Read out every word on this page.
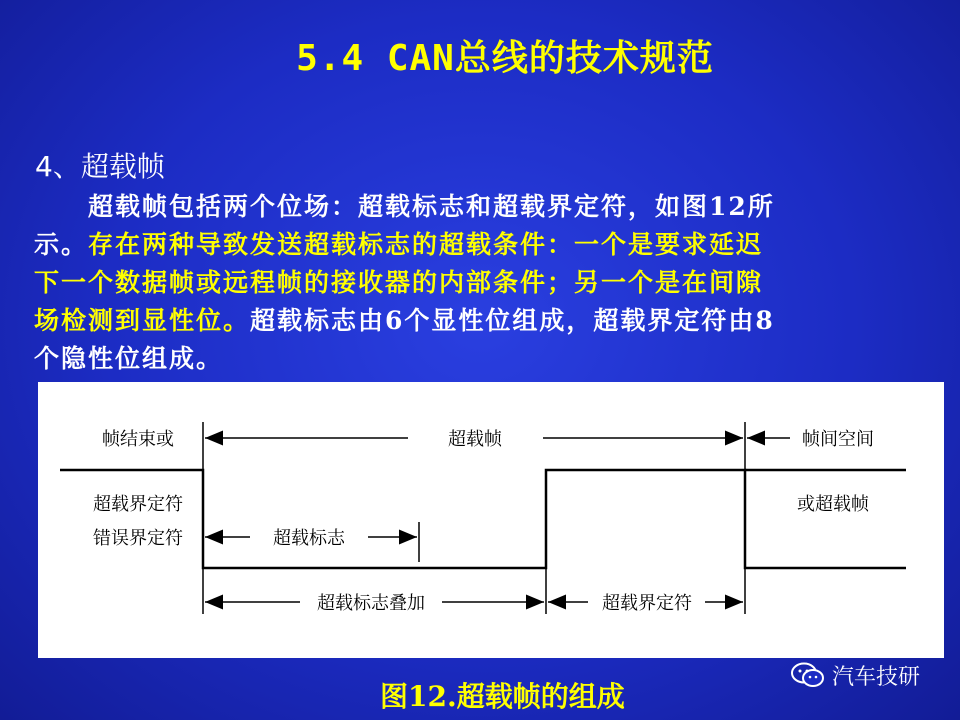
5.4 CAN总线的技术规范
4、超载帧
　　超载帧包括两个位场：超载标志和超载界定符，如图12所
示。存在两种导致发送超载标志的超载条件：一个是要求延迟
下一个数据帧或远程帧的接收器的内部条件；另一个是在间隙
场检测到显性位。超载标志由6个显性位组成，超载界定符由8
个隐性位组成。
超载帧	帧间空间
帧结束或
超载界定符
错误界定符
或超载帧
超载标志
超载标志叠加	超载界定符
图12.超载帧的组成
汽车技研
